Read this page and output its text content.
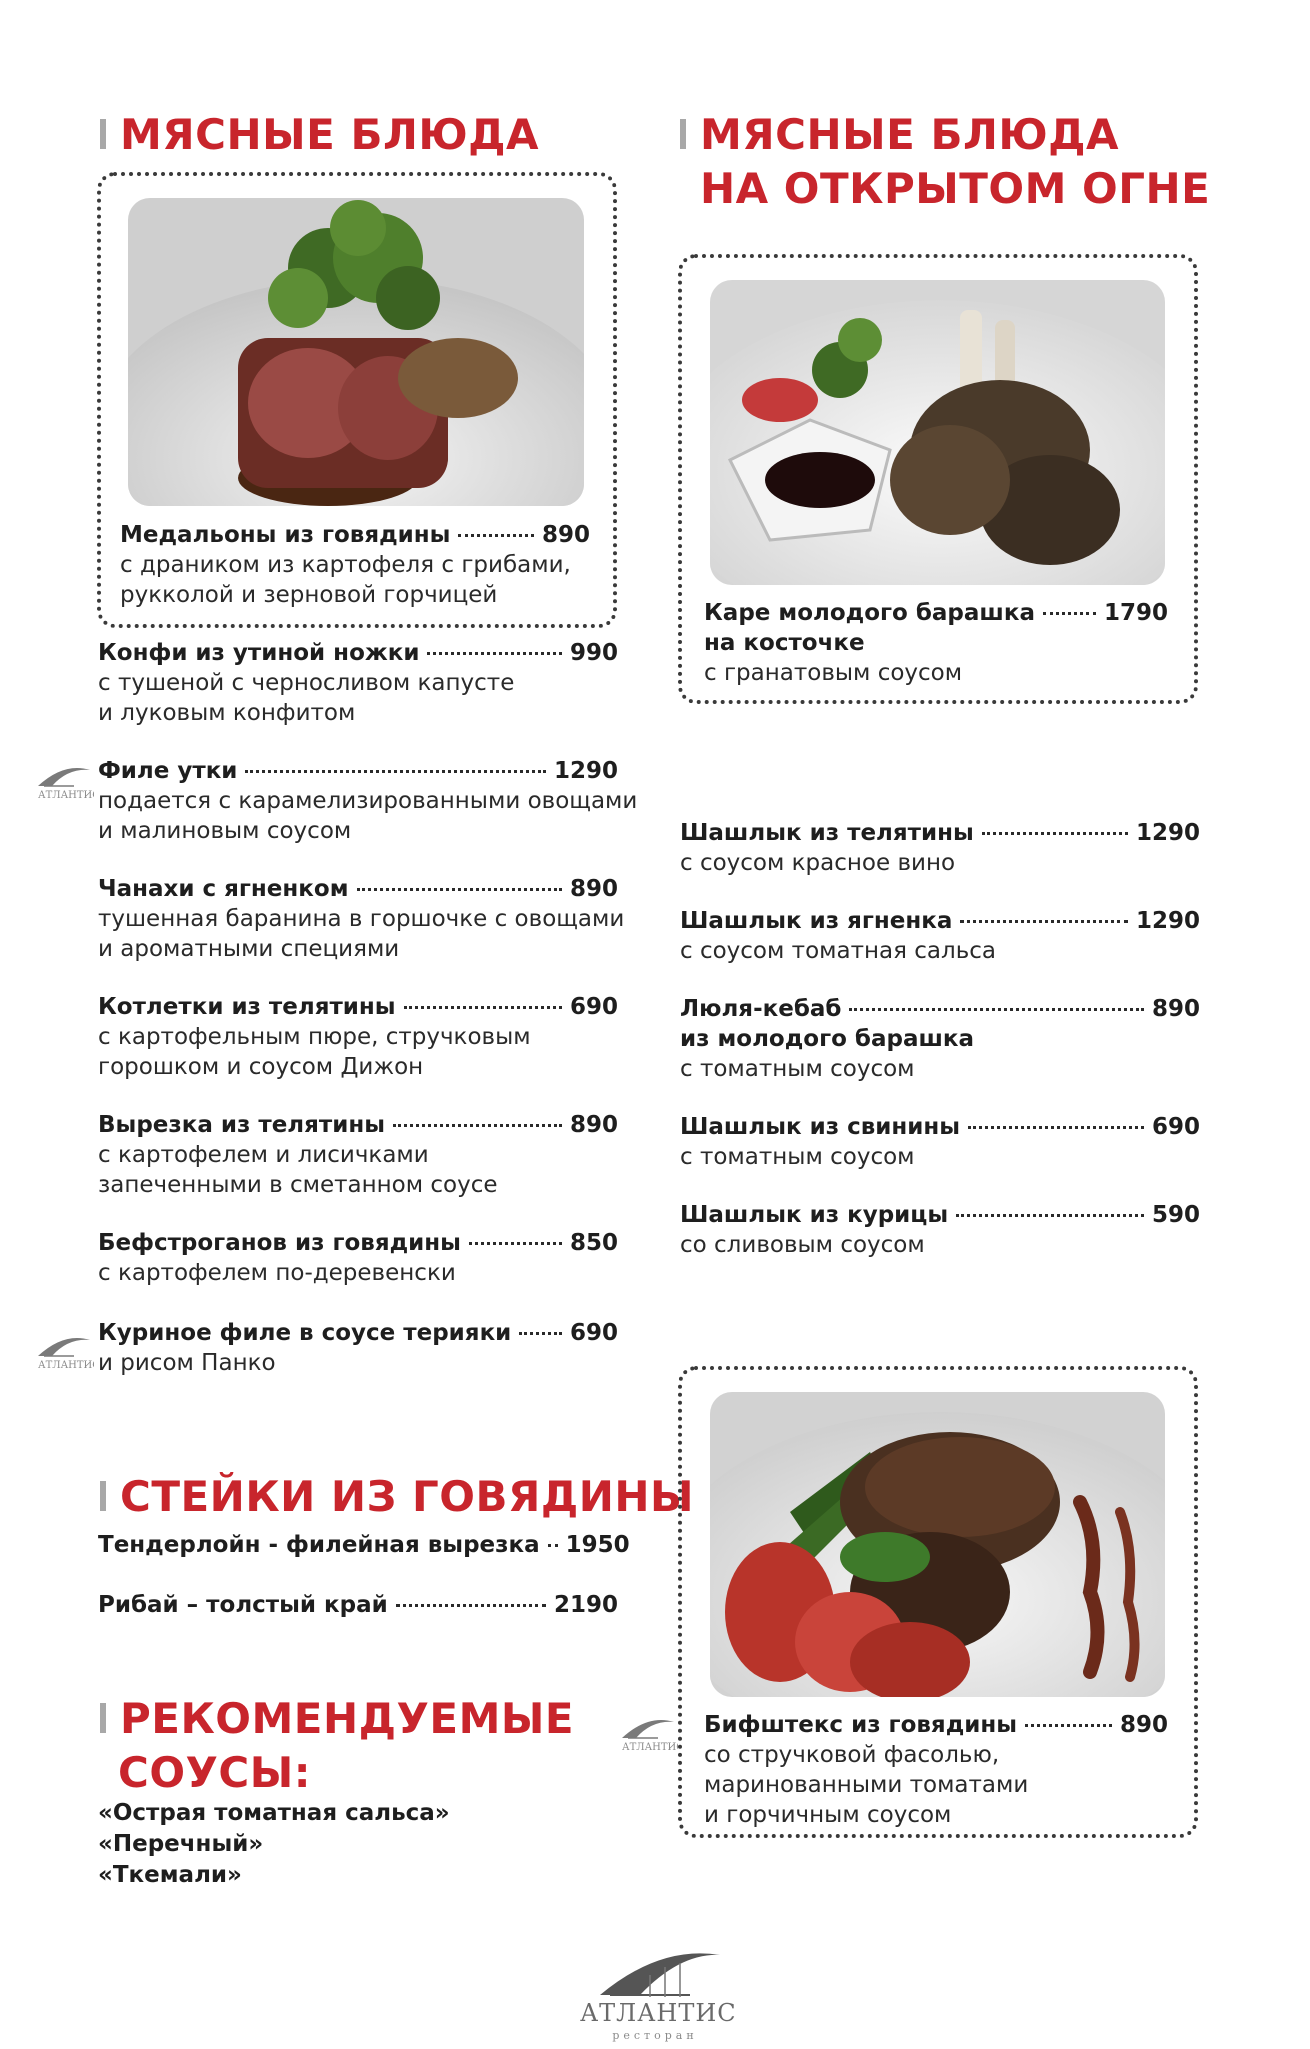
МЯСНЫЕ БЛЮДА
Медальоны из говядины	890
с драником из картофеля с грибами,
рукколой и зерновой горчицей
Конфи из утиной ножки	990
с тушеной с черносливом капусте
и луковым конфитом
АТЛАНТИС
Филе утки	1290
подается с карамелизированными овощами
и малиновым соусом
Чанахи с ягненком	890
тушенная баранина в горшочке с овощами
и ароматными специями
Котлетки из телятины	690
с картофельным пюре, стручковым
горошком и соусом Дижон
Вырезка из телятины	890
с картофелем и лисичками
запеченными в сметанном соусе
Бефстроганов из говядины	850
с картофелем по-деревенски
АТЛАНТИС
Куриное филе в соусе терияки	690
и рисом Панко
СТЕЙКИ ИЗ ГОВЯДИНЫ
Тендерлойн - филейная вырезка 1950
Рибай – толстый край	2190
РЕКОМЕНДУЕМЫЕ
СОУСЫ:
«Острая томатная сальса»
«Перечный»
«Ткемали»
МЯСНЫЕ БЛЮДА
НА ОТКРЫТОМ ОГНЕ
Каре молодого барашка	1790
на косточке
с гранатовым соусом
Шашлык из телятины	1290
с соусом красное вино
Шашлык из ягненка	1290
с соусом томатная сальса
Люля-кебаб	890
из молодого барашка
с томатным соусом
Шашлык из свинины	690
с томатным соусом
Шашлык из курицы	590
со сливовым соусом
АТЛАНТИС
Бифштекс из говядины	890
со стручковой фасолью,
маринованными томатами
и горчичным соусом
АТЛАНТИС
ресторан
